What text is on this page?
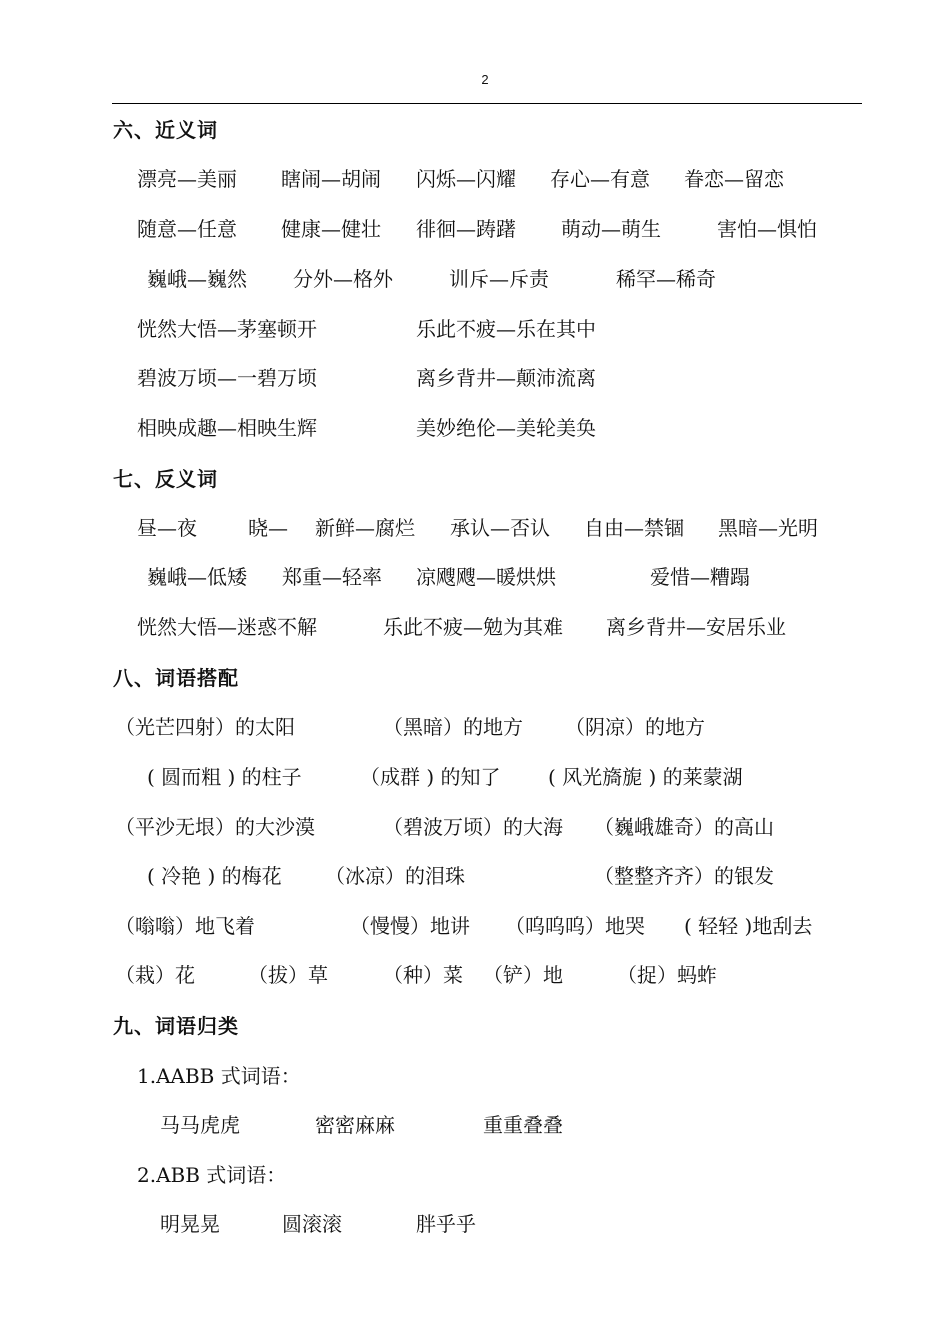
2
六、近义词
漂亮—美丽 瞎闹—胡闹 闪烁—闪耀 存心—有意 眷恋—留恋
随意—任意 健康—健壮 徘徊—踌躇 萌动—萌生	害怕—惧怕
巍峨—巍然 分外—格外	训斥—斥责	稀罕—稀奇
恍然大悟—茅塞顿开	乐此不疲—乐在其中
碧波万顷—一碧万顷	离乡背井—颠沛流离
相映成趣—相映生辉	美妙绝伦—美轮美奂
七、反义词
昼—夜	晓— 新鲜—腐烂 承认—否认 自由—禁锢 黑暗—光明
巍峨—低矮 郑重—轻率 凉飕飕—暖烘烘	爱惜—糟蹋
恍然大悟—迷惑不解	乐此不疲—勉为其难 离乡背井—安居乐业
八、词语搭配
（光芒四射）的太阳	（黑暗）的地方 （阴凉）的地方
( 圆而粗 ) 的柱子	（成群 ) 的知了 ( 风光旖旎 ) 的莱蒙湖
（平沙无垠）的大沙漠	（碧波万顷）的大海 （巍峨雄奇）的高山
( 冷艳 ) 的梅花 （冰凉）的泪珠	（整整齐齐）的银发
（嗡嗡）地飞着	（慢慢）地讲 （呜呜呜）地哭 ( 轻轻 )地刮去
（栽）花	（拔）草	（种）菜 （铲）地	（捉）蚂蚱
九、词语归类
1.AABB 式词语：
马马虎虎	密密麻麻	重重叠叠
2.ABB 式词语：
明晃晃	圆滚滚	胖乎乎
